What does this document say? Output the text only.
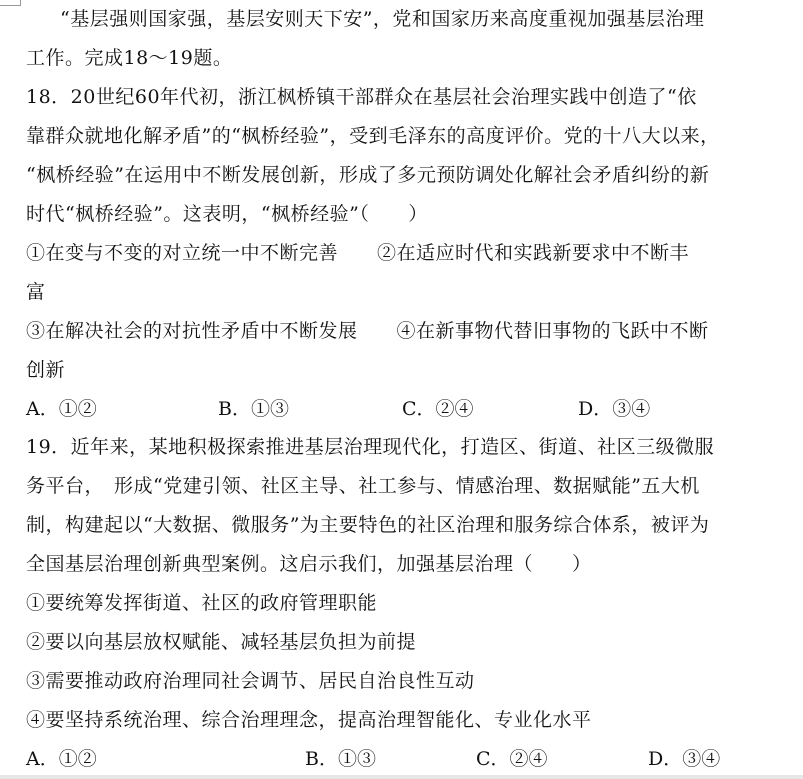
“基层强则国家强，基层安则天下安”，党和国家历来高度重视加强基层治理
工作。完成18～19题。
18．20世纪60年代初，浙江枫桥镇干部群众在基层社会治理实践中创造了“依
靠群众就地化解矛盾”的“枫桥经验”，受到毛泽东的高度评价。党的十八大以来，
“枫桥经验”在运用中不断发展创新，形成了多元预防调处化解社会矛盾纠纷的新
时代“枫桥经验”。这表明，“枫桥经验”（　　）
①在变与不变的对立统一中不断完善　　②在适应时代和实践新要求中不断丰
富
③在解决社会的对抗性矛盾中不断发展　　④在新事物代替旧事物的飞跃中不断
创新
A．①②	B．①③	C．②④	D．③④
19．近年来，某地积极探索推进基层治理现代化，打造区、街道、社区三级微服
务平台，　形成“党建引领、社区主导、社工参与、情感治理、数据赋能”五大机
制，构建起以“大数据、微服务”为主要特色的社区治理和服务综合体系，被评为
全国基层治理创新典型案例。这启示我们，加强基层治理（　　）
①要统筹发挥街道、社区的政府管理职能
②要以向基层放权赋能、减轻基层负担为前提
③需要推动政府治理同社会调节、居民自治良性互动
④要坚持系统治理、综合治理理念，提高治理智能化、专业化水平
A．①②	B．①③	C．②④	D．③④
